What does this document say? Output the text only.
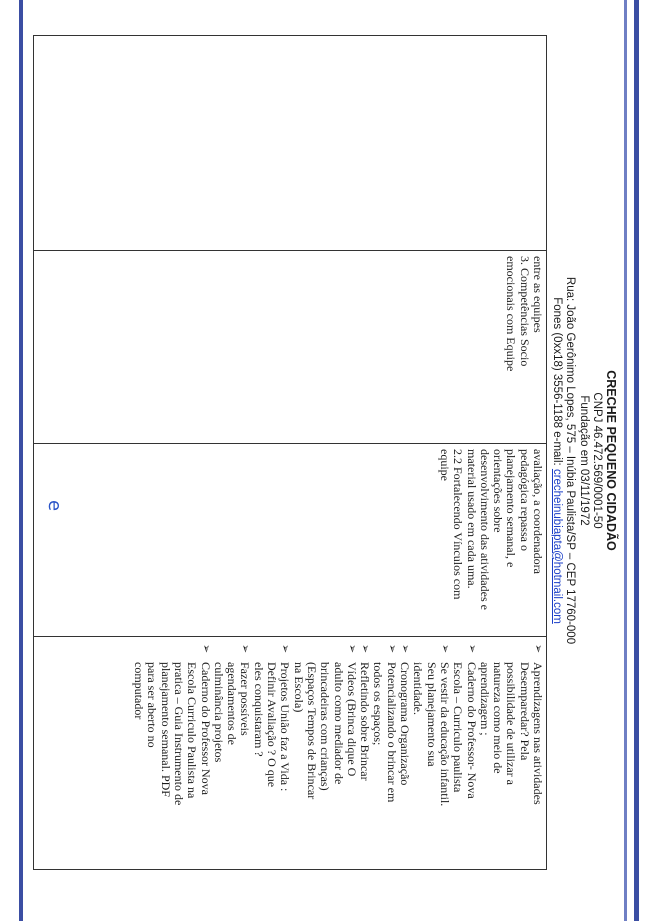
CRECHE PEQUENO CIDADÃO
CNPJ 46.472.569/0001-50
Fundação em 03/11/1972
Rua: João Gerônimo Lopes, 575 – Inúbia Paulista/SP – CEP 17760-000
Fones (0xx18) 3556-1188 e-mail: crecheinubiapta@hotmail.com
entre as equipes
3. Competências Socio
emocionais com Equipe
avaliação, a coordenadora
pedagógica repassa o
planejamento semanal, e
orientações sobre
desenvolvimento das atividades e
material usado em cada uma.
2.2 Fortalecendo Vínculos com
equipe
➢
Aprendizagens nas atividades
Desemparedar? Pela
possibilidade de utilizar a
natureza como meio de
aprendizagem ;
➢
Caderno do Professor- Nova
Escola – Curriculo paulista
➢
Se vestir da educação infantil.
Seu planejamento sua
identidade.
➢
Cronograma Organização
➢
Potencializando o brincar em
todos os espaços;
➢
Refletindo sobre Brincar
➢
Vídeos (Brinca dique O
adulto como mediador de
brincadeiras com crianças)
(Espaços Tempos de Brincar
na Escola)
➢
Projetos União faz a Vida :
Definir Avaliação ? O que
eles conquistaram ?
➢
Fazer possíveis
agendamentos de
culminância projetos
➢
Caderno do Professor Nova
Escola Curriculo Paulista na
pratica – Guia Instrumento de
planejamento semanal. PDF
para ser aberto no
computador
e
